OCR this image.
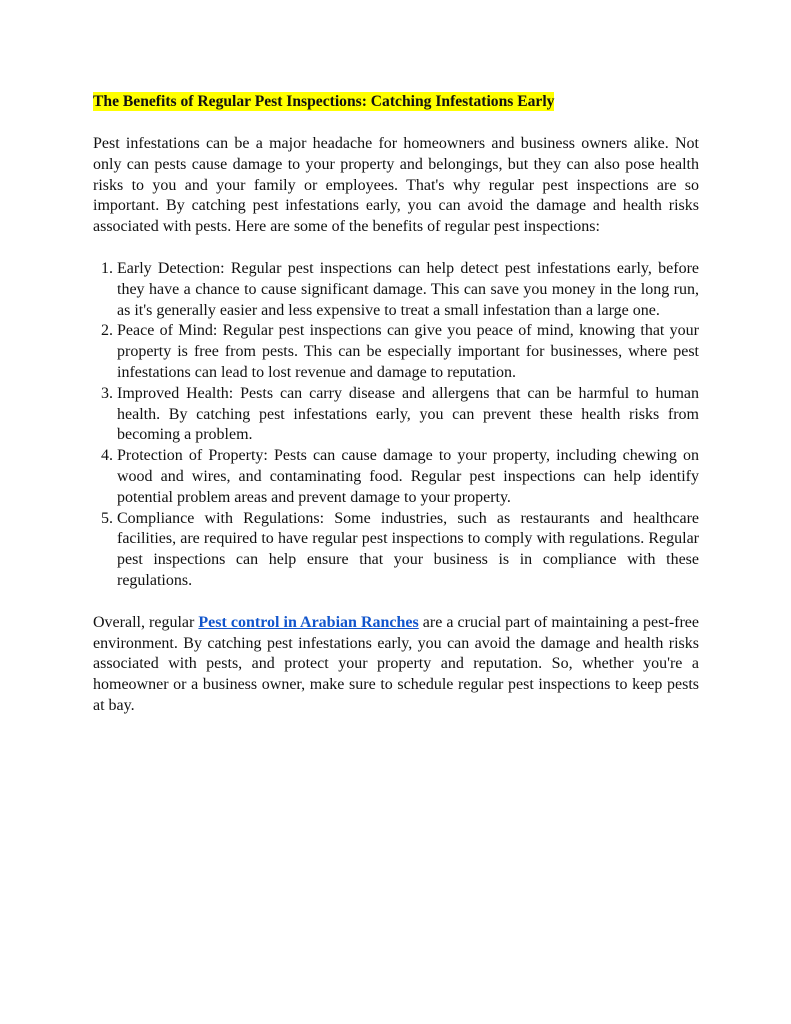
The Benefits of Regular Pest Inspections: Catching Infestations Early

Pest infestations can be a major headache for homeowners and business owners alike. Not only can pests cause damage to your property and belongings, but they can also pose health risks to you and your family or employees. That's why regular pest inspections are so important. By catching pest infestations early, you can avoid the damage and health risks associated with pests. Here are some of the benefits of regular pest inspections:

1. Early Detection: Regular pest inspections can help detect pest infestations early, before they have a chance to cause significant damage. This can save you money in the long run, as it's generally easier and less expensive to treat a small infestation than a large one.
2. Peace of Mind: Regular pest inspections can give you peace of mind, knowing that your property is free from pests. This can be especially important for businesses, where pest infestations can lead to lost revenue and damage to reputation.
3. Improved Health: Pests can carry disease and allergens that can be harmful to human health. By catching pest infestations early, you can prevent these health risks from becoming a problem.
4. Protection of Property: Pests can cause damage to your property, including chewing on wood and wires, and contaminating food. Regular pest inspections can help identify potential problem areas and prevent damage to your property.
5. Compliance with Regulations: Some industries, such as restaurants and healthcare facilities, are required to have regular pest inspections to comply with regulations. Regular pest inspections can help ensure that your business is in compliance with these regulations.

Overall, regular Pest control in Arabian Ranches are a crucial part of maintaining a pest-free environment. By catching pest infestations early, you can avoid the damage and health risks associated with pests, and protect your property and reputation. So, whether you're a homeowner or a business owner, make sure to schedule regular pest inspections to keep pests at bay.
